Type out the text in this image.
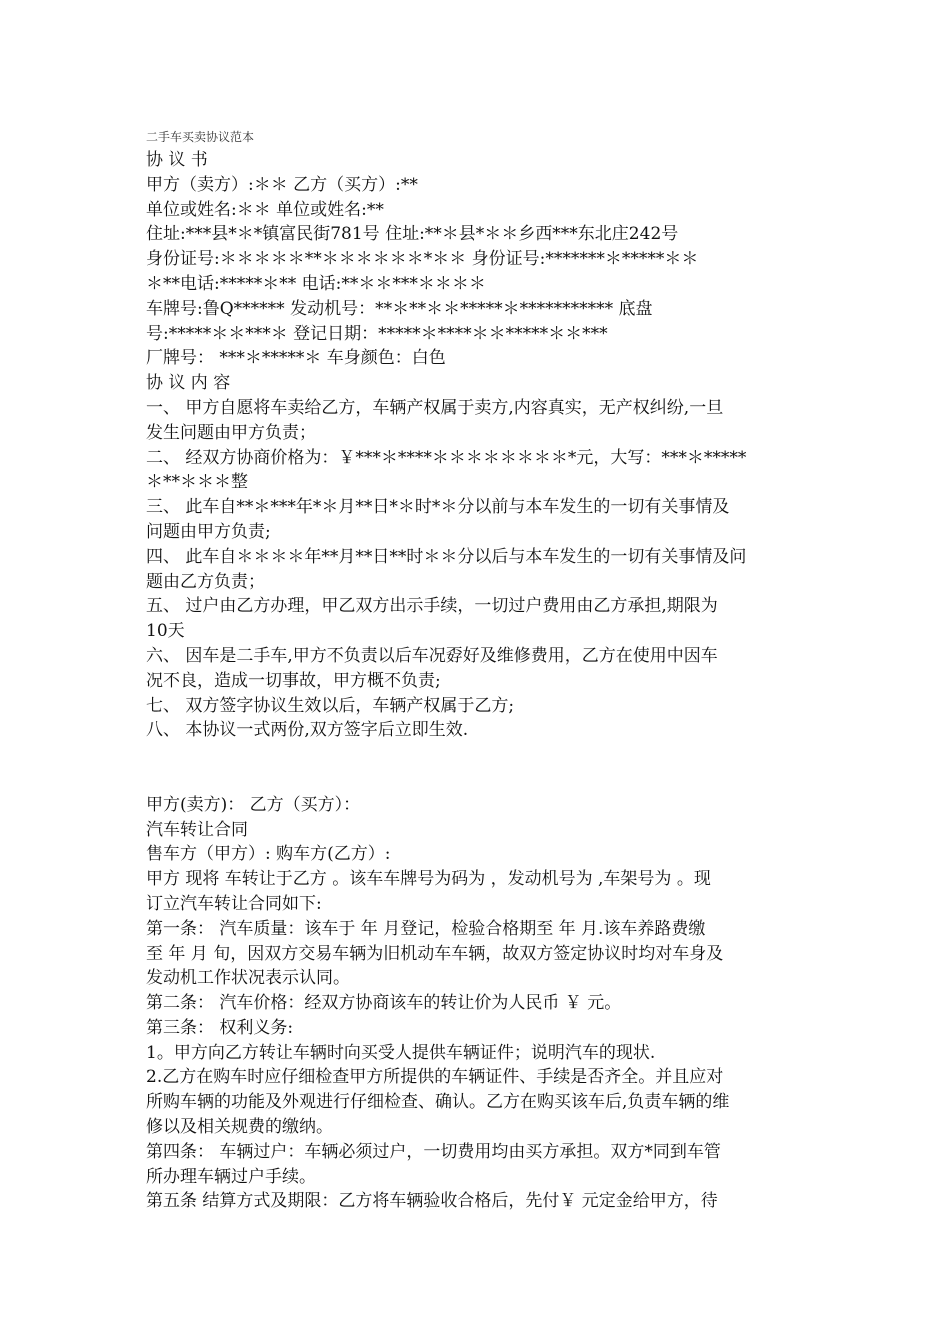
二手车买卖协议范本
协 议 书
甲方（卖方）:＊＊ 乙方（买方）:**
单位或姓名:＊＊ 单位或姓名:**
住址:***县*＊*镇富民街781号 住址:**＊县*＊＊乡西***东北庄242号
身份证号:＊＊＊＊＊**＊＊＊＊＊＊*＊＊ 身份证号:*******＊*****＊＊
＊**电话:*****＊** 电话:**＊＊***＊＊＊＊
车牌号:鲁Q****** 发动机号：**＊**＊＊*****＊*********** 底盘
号:*****＊＊***＊ 登记日期：*****＊****＊＊*****＊＊***
厂牌号： ***＊*****＊ 车身颜色：白色
协 议 内 容
一、 甲方自愿将车卖给乙方，车辆产权属于卖方,内容真实，无产权纠纷,一旦
发生问题由甲方负责；
二、 经双方协商价格为：￥***＊****＊＊＊＊＊＊＊＊*元，大写：***＊*****
＊**＊＊＊整
三、 此车自**＊***年*＊月**日*＊时*＊分以前与本车发生的一切有关事情及
问题由甲方负责;
四、 此车自＊＊＊＊年**月**日**时＊＊分以后与本车发生的一切有关事情及问
题由乙方负责；
五、 过户由乙方办理，甲乙双方出示手续，一切过户费用由乙方承担,期限为
10天
六、 因车是二手车,甲方不负责以后车况孬好及维修费用，乙方在使用中因车
况不良，造成一切事故，甲方概不负责;
七、 双方签字协议生效以后，车辆产权属于乙方;
八、 本协议一式两份,双方签字后立即生效.
甲方(卖方)： 乙方（买方）：
汽车转让合同
售车方（甲方）: 购车方(乙方）:
甲方 现将 车转让于乙方 。该车车牌号为码为 ，发动机号为 ,车架号为 。现
订立汽车转让合同如下:
第一条： 汽车质量：该车于 年 月登记，检验合格期至 年 月.该车养路费缴
至 年 月 旬，因双方交易车辆为旧机动车车辆，故双方签定协议时均对车身及
发动机工作状况表示认同。
第二条： 汽车价格：经双方协商该车的转让价为人民币 ￥ 元。
第三条： 权利义务:
1。甲方向乙方转让车辆时向买受人提供车辆证件；说明汽车的现状.
2.乙方在购车时应仔细检查甲方所提供的车辆证件、手续是否齐全。并且应对
所购车辆的功能及外观进行仔细检查、确认。乙方在购买该车后,负责车辆的维
修以及相关规费的缴纳。
第四条： 车辆过户：车辆必须过户，一切费用均由买方承担。双方*同到车管
所办理车辆过户手续。
第五条 结算方式及期限：乙方将车辆验收合格后，先付￥ 元定金给甲方，待
